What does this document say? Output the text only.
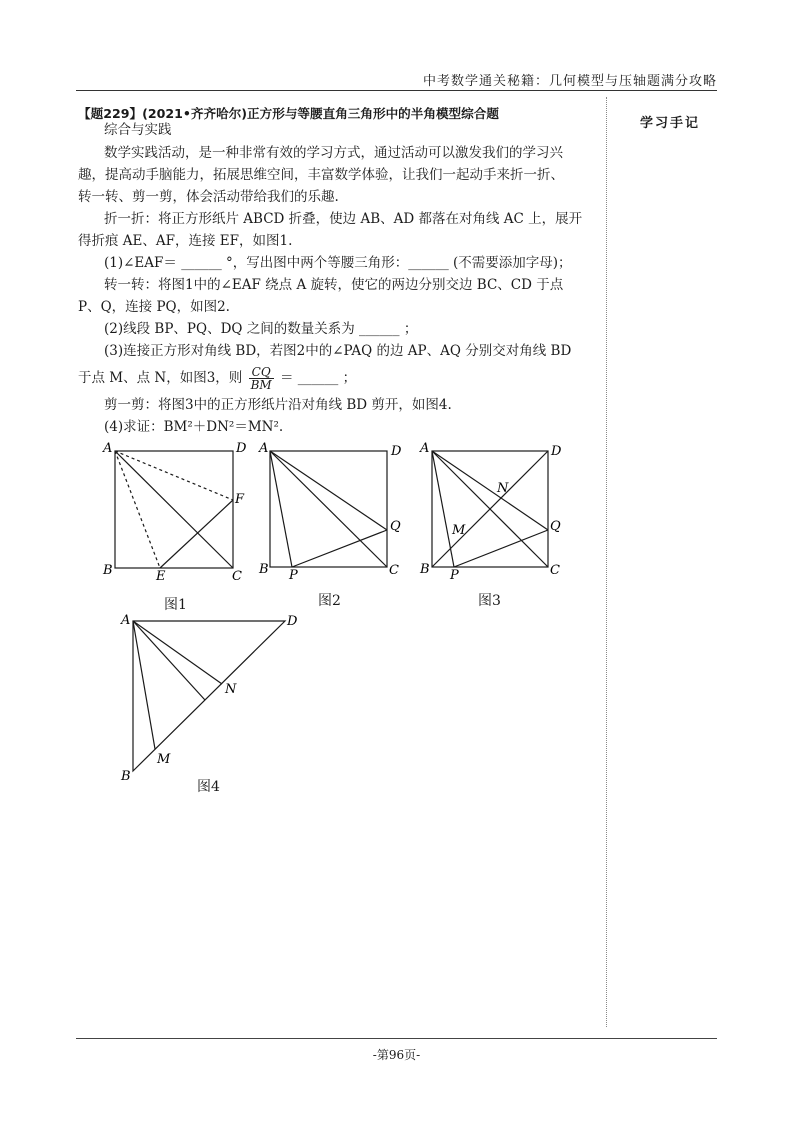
中考数学通关秘籍：几何模型与压轴题满分攻略
学习手记
【题229】(2021•齐齐哈尔)正方形与等腰直角三角形中的半角模型综合题
综合与实践
数学实践活动，是一种非常有效的学习方式，通过活动可以激发我们的学习兴
趣，提高动手脑能力，拓展思维空间，丰富数学体验，让我们一起动手来折一折、
转一转、剪一剪，体会活动带给我们的乐趣.
折一折：将正方形纸片 ABCD 折叠，使边 AB、AD 都落在对角线 AC 上，展开
得折痕 AE、AF，连接 EF，如图1.
(1)∠EAF＝ ______ °，写出图中两个等腰三角形：______ (不需要添加字母)；
转一转：将图1中的∠EAF 绕点 A 旋转，使它的两边分别交边 BC、CD 于点
P、Q，连接 PQ，如图2.
(2)线段 BP、PQ、DQ 之间的数量关系为 ______ ；
(3)连接正方形对角线 BD，若图2中的∠PAQ 的边 AP、AQ 分别交对角线 BD
于点 M、点 N，如图3，则 $\frac{CQ}{BM}$ ＝ ______ ；
剪一剪：将图3中的正方形纸片沿对角线 BD 剪开，如图4.
(4)求证：BM²＋DN²＝MN².
A	D
B	C
E
F
A	D
B	C
P
Q
A	D
B	C
P
Q
M
N
A	D
B
N
M
图1	图2	图3
图4
-第96页-
